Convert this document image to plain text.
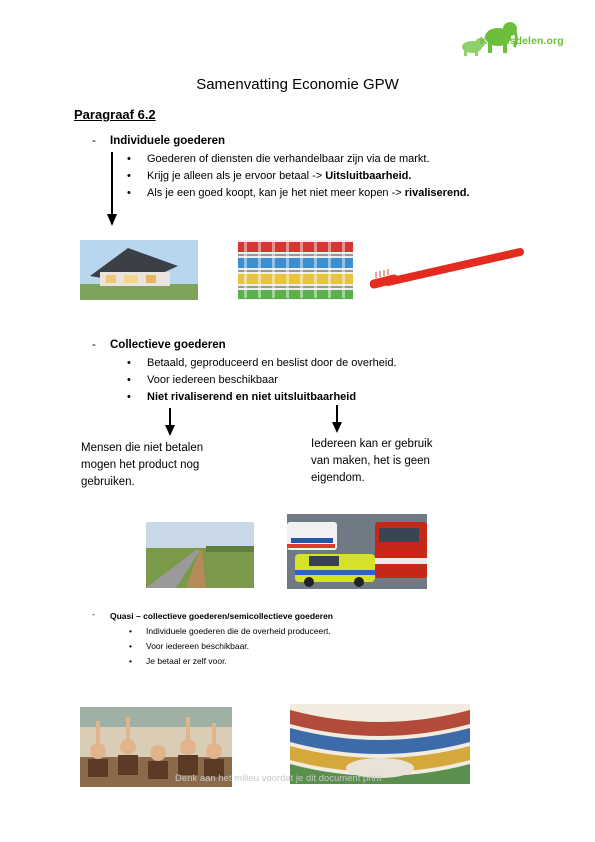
Kennisdelen.org
Samenvatting Economie GPW
Paragraaf 6.2
- Individuele goederen
• Goederen of diensten die verhandelbaar zijn via de markt.
• Krijg je alleen als je ervoor betaal -> Uitsluitbaarheid.
• Als je een goed koopt, kan je het niet meer kopen -> rivaliserend.
- Collectieve goederen
• Betaald, geproduceerd en beslist door de overheid.
• Voor iedereen beschikbaar
• Niet rivaliserend en niet uitsluitbaarheid
Mensen die niet betalen
mogen het product nog
gebruiken.
Iedereen kan er gebruik
van maken, het is geen
eigendom.
- Quasi – collectieve goederen/semicollectieve goederen
• Individuele goederen die de overheid produceert.
• Voor iedereen beschikbaar.
• Je betaal er zelf voor.
Denk aan het milieu voordat je dit document print
